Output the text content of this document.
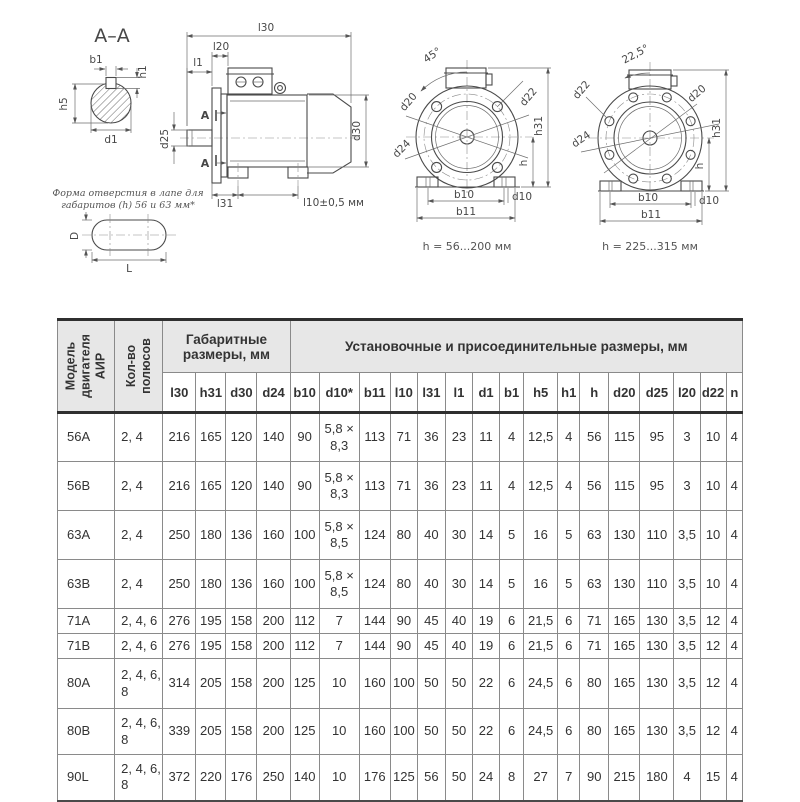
А–А
b1
h1
h5
d1
Форма отверстия в лапе для
габаритов (h) 56 и 63 мм*
D
L
l30
l20
l1
А
А
d25	d30
l31	l10±0,5 мм
45°
d22
d20
d24
h31
h
b10	d10
b11
h = 56...200 мм
22,5°
d22	d20
d24
h31
h
b10	d10
b11
h = 225...315 мм
Модель двигателя АИР	Кол-во полюсов	Габаритные размеры, мм				Установочные и присоединительные размеры, мм															
		l30	h31	d30	d24	b10	d10*	b11	l10	l31	l1	d1	b1	h5	h1	h	d20	d25	l20	d22	n
56A	2, 4	216	165	120	140	90	5,8 × 8,3	113	71	36	23	11	4	12,5	4	56	115	95	3	10	4
56B	2, 4	216	165	120	140	90	5,8 × 8,3	113	71	36	23	11	4	12,5	4	56	115	95	3	10	4
63A	2, 4	250	180	136	160	100	5,8 × 8,5	124	80	40	30	14	5	16	5	63	130	110	3,5	10	4
63B	2, 4	250	180	136	160	100	5,8 × 8,5	124	80	40	30	14	5	16	5	63	130	110	3,5	10	4
71A	2, 4, 6	276	195	158	200	112	7	144	90	45	40	19	6	21,5	6	71	165	130	3,5	12	4
71B	2, 4, 6	276	195	158	200	112	7	144	90	45	40	19	6	21,5	6	71	165	130	3,5	12	4
80A	2, 4, 6, 8	314	205	158	200	125	10	160	100	50	50	22	6	24,5	6	80	165	130	3,5	12	4
80B	2, 4, 6, 8	339	205	158	200	125	10	160	100	50	50	22	6	24,5	6	80	165	130	3,5	12	4
90L	2, 4, 6, 8	372	220	176	250	140	10	176	125	56	50	24	8	27	7	90	215	180	4	15	4
